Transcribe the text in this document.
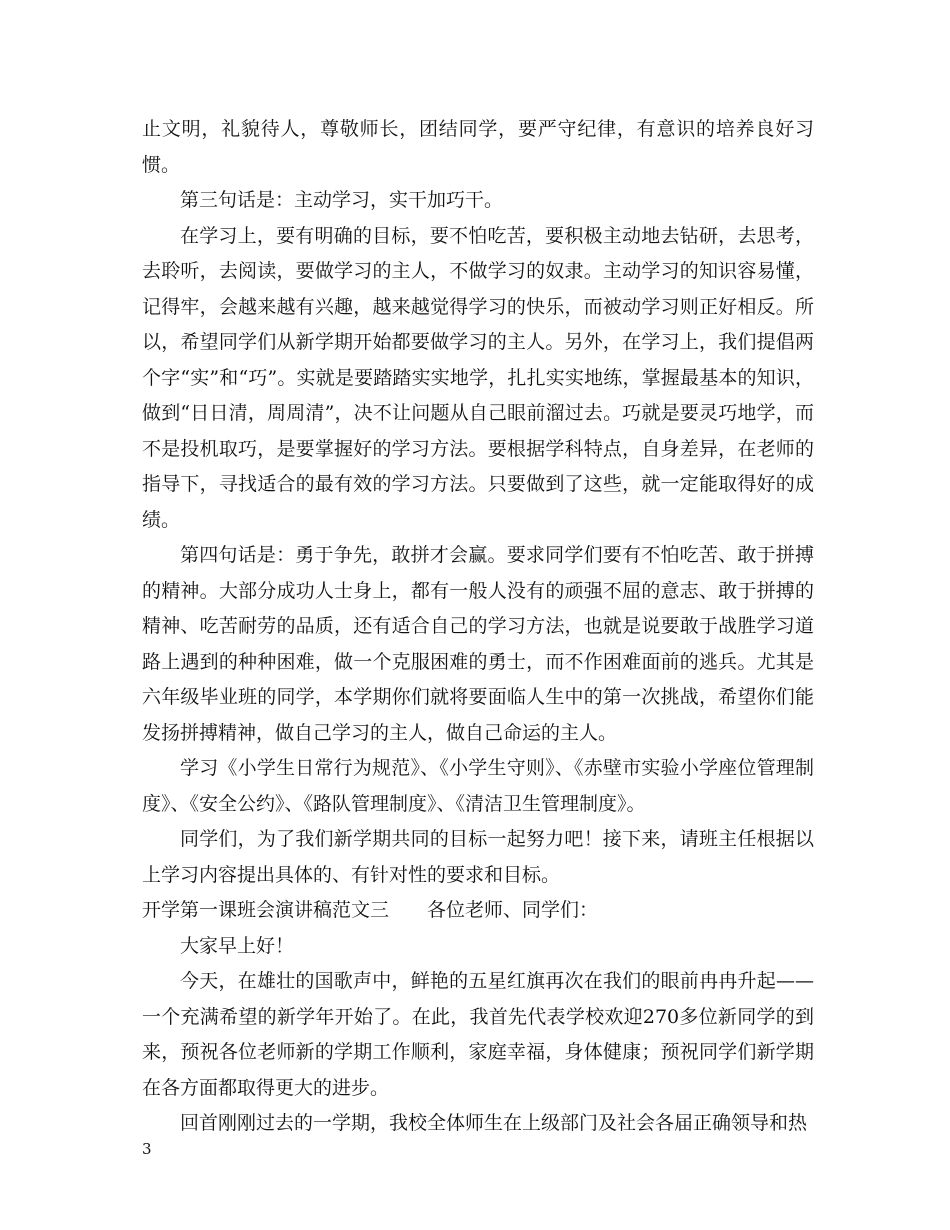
止文明，礼貌待人，尊敬师长，团结同学，要严守纪律，有意识的培养良好习惯。

第三句话是：主动学习，实干加巧干。

在学习上，要有明确的目标，要不怕吃苦，要积极主动地去钻研，去思考，去聆听，去阅读，要做学习的主人，不做学习的奴隶。主动学习的知识容易懂，记得牢，会越来越有兴趣，越来越觉得学习的快乐，而被动学习则正好相反。所以，希望同学们从新学期开始都要做学习的主人。另外，在学习上，我们提倡两个字“实”和“巧”。实就是要踏踏实实地学，扎扎实实地练，掌握最基本的知识，做到“日日清，周周清”，决不让问题从自己眼前溜过去。巧就是要灵巧地学，而不是投机取巧，是要掌握好的学习方法。要根据学科特点，自身差异，在老师的指导下，寻找适合的最有效的学习方法。只要做到了这些，就一定能取得好的成绩。

第四句话是：勇于争先，敢拼才会赢。要求同学们要有不怕吃苦、敢于拼搏的精神。大部分成功人士身上，都有一般人没有的顽强不屈的意志、敢于拼搏的精神、吃苦耐劳的品质，还有适合自己的学习方法，也就是说要敢于战胜学习道路上遇到的种种困难，做一个克服困难的勇士，而不作困难面前的逃兵。尤其是六年级毕业班的同学，本学期你们就将要面临人生中的第一次挑战，希望你们能发扬拼搏精神，做自己学习的主人，做自己命运的主人。

学习《小学生日常行为规范》、《小学生守则》、《赤壁市实验小学座位管理制度》、《安全公约》、《路队管理制度》、《清洁卫生管理制度》。

同学们，为了我们新学期共同的目标一起努力吧！接下来，请班主任根据以上学习内容提出具体的、有针对性的要求和目标。

开学第一课班会演讲稿范文三 各位老师、同学们：

大家早上好！

今天，在雄壮的国歌声中，鲜艳的五星红旗再次在我们的眼前冉冉升起——一个充满希望的新学年开始了。在此，我首先代表学校欢迎270多位新同学的到来，预祝各位老师新的学期工作顺利，家庭幸福，身体健康；预祝同学们新学期在各方面都取得更大的进步。

回首刚刚过去的一学期，我校全体师生在上级部门及社会各届正确领导和热

3
